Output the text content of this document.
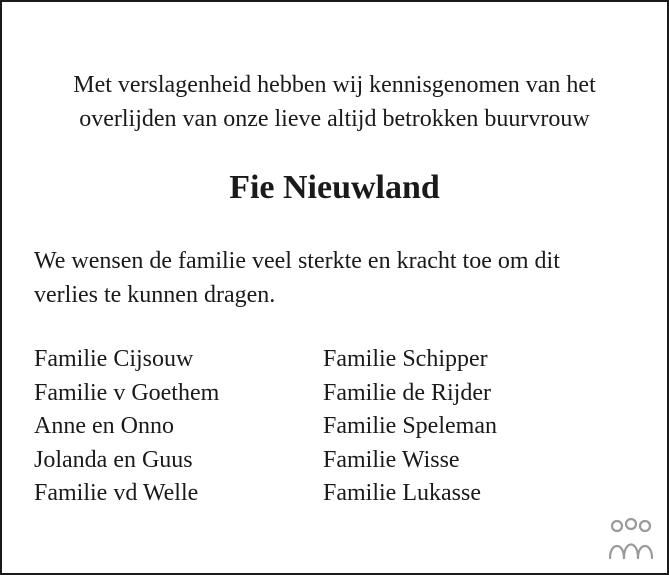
Met verslagenheid hebben wij kennisgenomen van het
overlijden van onze lieve altijd betrokken buurvrouw
Fie Nieuwland
We wensen de familie veel sterkte en kracht toe om dit
verlies te kunnen dragen.
Familie Cijsouw
Familie v Goethem
Anne en Onno
Jolanda en Guus
Familie vd Welle
Familie Schipper
Familie de Rijder
Familie Speleman
Familie Wisse
Familie Lukasse
